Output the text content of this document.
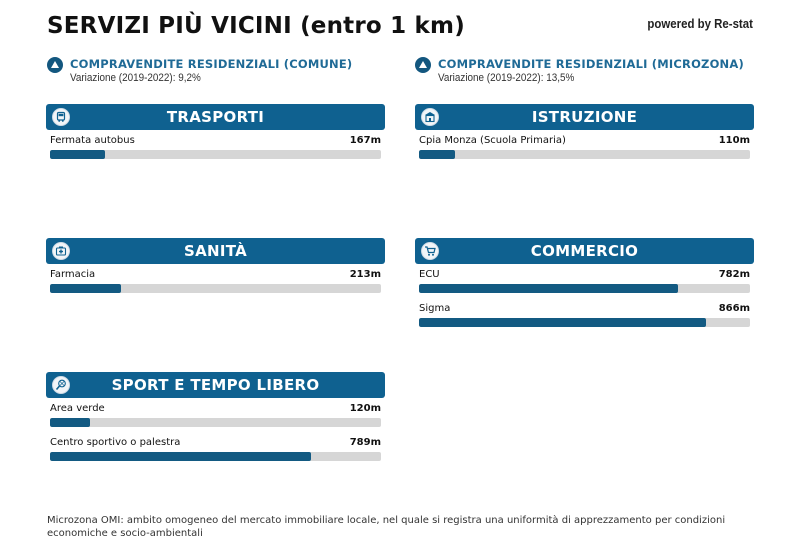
SERVIZI PIÙ VICINI (entro 1 km)	powered by Re-stat
COMPRAVENDITE RESIDENZIALI (COMUNE)
Variazione (2019-2022): 9,2%
COMPRAVENDITE RESIDENZIALI (MICROZONA)
Variazione (2019-2022): 13,5%
TRASPORTI
Fermata autobus	167m
ISTRUZIONE
Cpia Monza (Scuola Primaria)	110m
SANITÀ
Farmacia	213m
COMMERCIO
ECU	782m
Sigma	866m
SPORT E TEMPO LIBERO
Area verde	120m
Centro sportivo o palestra	789m
Microzona OMI: ambito omogeneo del mercato immobiliare locale, nel quale si registra una uniformità di apprezzamento per condizioni economiche e socio-ambientali
